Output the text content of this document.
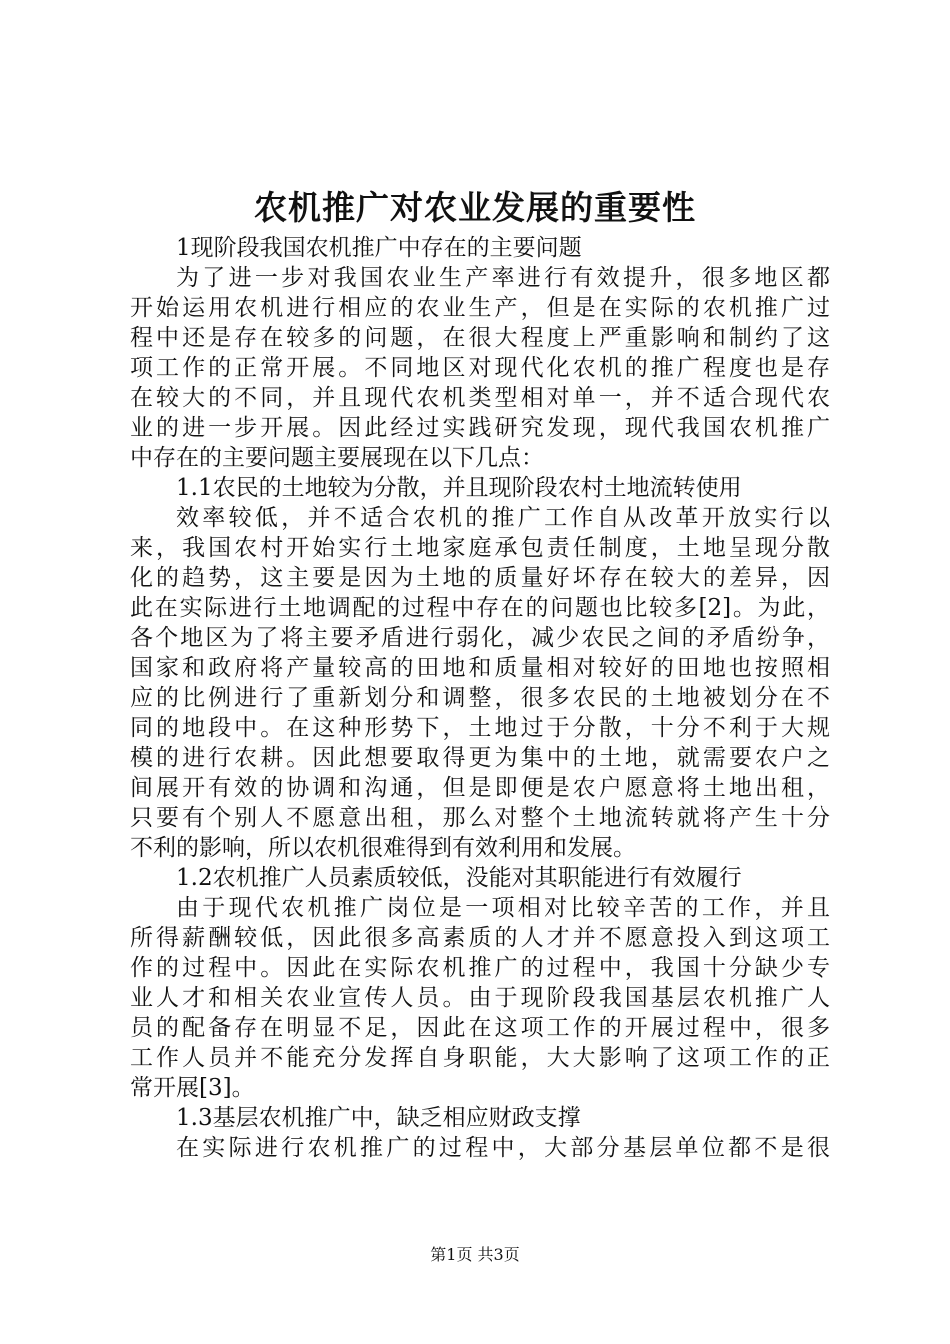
农机推广对农业发展的重要性
1现阶段我国农机推广中存在的主要问题
为了进一步对我国农业生产率进行有效提升，很多地区都
开始运用农机进行相应的农业生产，但是在实际的农机推广过
程中还是存在较多的问题，在很大程度上严重影响和制约了这
项工作的正常开展。不同地区对现代化农机的推广程度也是存
在较大的不同，并且现代农机类型相对单一，并不适合现代农
业的进一步开展。因此经过实践研究发现，现代我国农机推广
中存在的主要问题主要展现在以下几点：
1.1农民的土地较为分散，并且现阶段农村土地流转使用
效率较低，并不适合农机的推广工作自从改革开放实行以
来，我国农村开始实行土地家庭承包责任制度，土地呈现分散
化的趋势，这主要是因为土地的质量好坏存在较大的差异，因
此在实际进行土地调配的过程中存在的问题也比较多[2]。为此，
各个地区为了将主要矛盾进行弱化，减少农民之间的矛盾纷争，
国家和政府将产量较高的田地和质量相对较好的田地也按照相
应的比例进行了重新划分和调整，很多农民的土地被划分在不
同的地段中。在这种形势下，土地过于分散，十分不利于大规
模的进行农耕。因此想要取得更为集中的土地，就需要农户之
间展开有效的协调和沟通，但是即便是农户愿意将土地出租，
只要有个别人不愿意出租，那么对整个土地流转就将产生十分
不利的影响，所以农机很难得到有效利用和发展。
1.2农机推广人员素质较低，没能对其职能进行有效履行
由于现代农机推广岗位是一项相对比较辛苦的工作，并且
所得薪酬较低，因此很多高素质的人才并不愿意投入到这项工
作的过程中。因此在实际农机推广的过程中，我国十分缺少专
业人才和相关农业宣传人员。由于现阶段我国基层农机推广人
员的配备存在明显不足，因此在这项工作的开展过程中，很多
工作人员并不能充分发挥自身职能，大大影响了这项工作的正
常开展[3]。
1.3基层农机推广中，缺乏相应财政支撑
在实际进行农机推广的过程中，大部分基层单位都不是很
第1页 共3页
